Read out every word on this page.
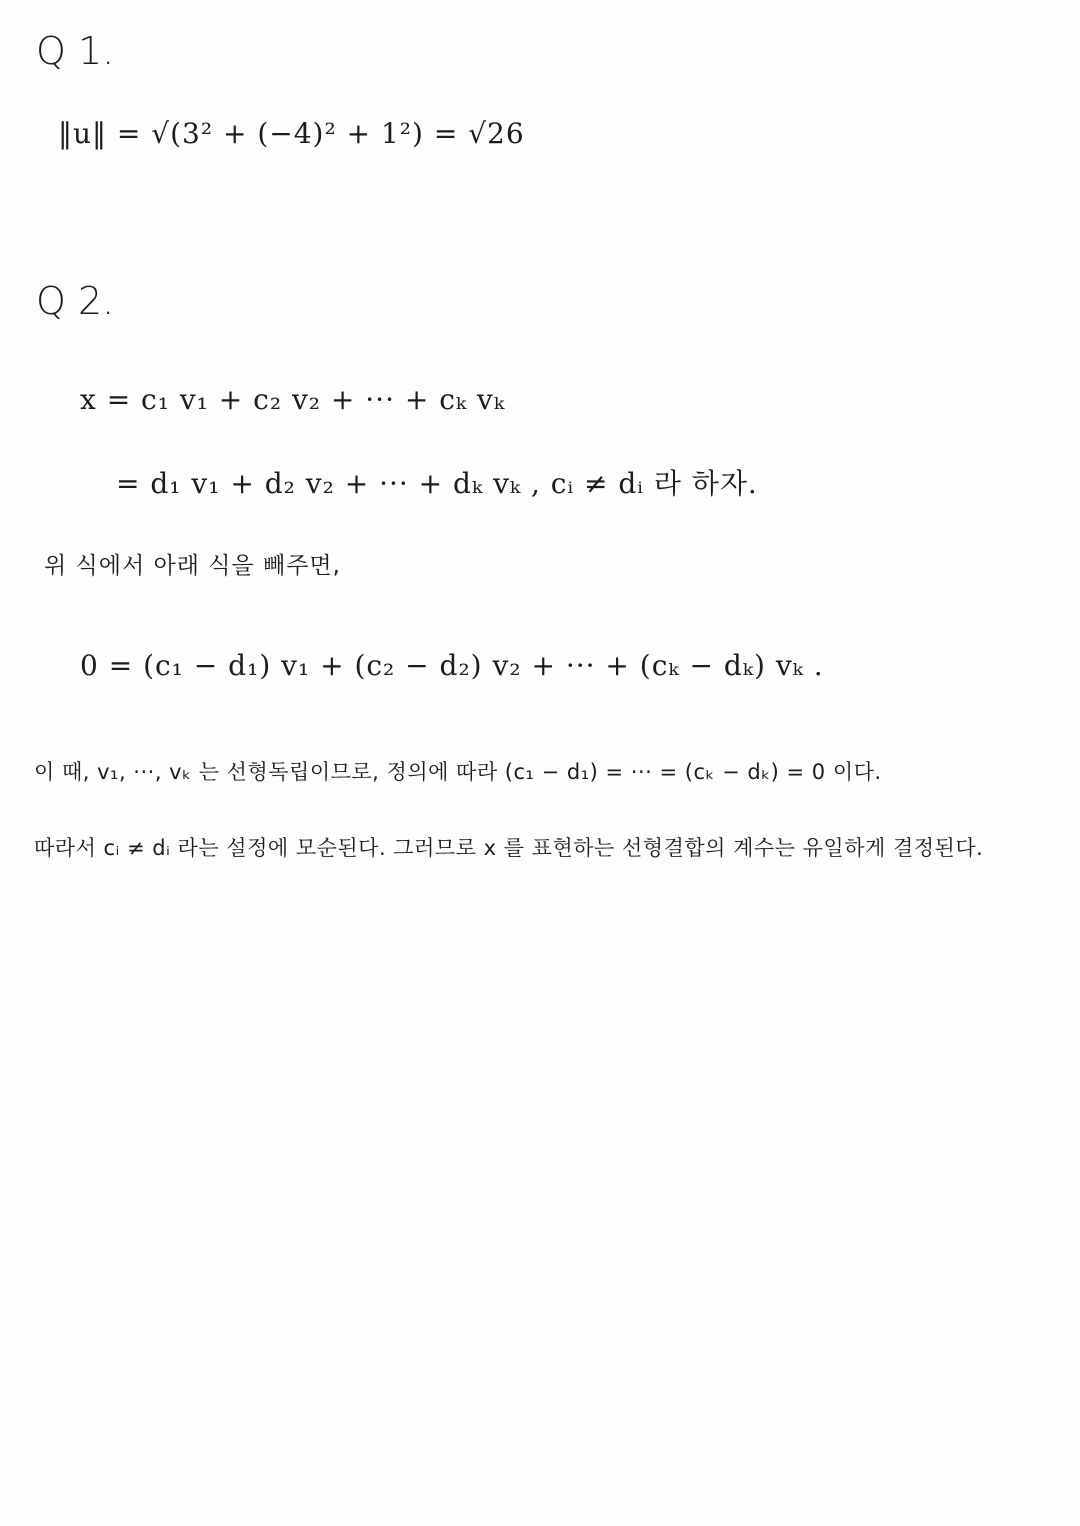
Q 1.
‖u‖ = √(3² + (−4)² + 1²) = √26
Q 2.
x = c₁ v₁ + c₂ v₂ + ··· + cₖ vₖ
= d₁ v₁ + d₂ v₂ + ··· + dₖ vₖ , cᵢ ≠ dᵢ 라 하자.
위 식에서 아래 식을 빼주면,
0 = (c₁ − d₁) v₁ + (c₂ − d₂) v₂ + ··· + (cₖ − dₖ) vₖ .
이 때, v₁, ···, vₖ 는 선형독립이므로, 정의에 따라 (c₁ − d₁) = ··· = (cₖ − dₖ) = 0 이다.
따라서 cᵢ ≠ dᵢ 라는 설정에 모순된다. 그러므로 x 를 표현하는 선형결합의 계수는 유일하게 결정된다.
